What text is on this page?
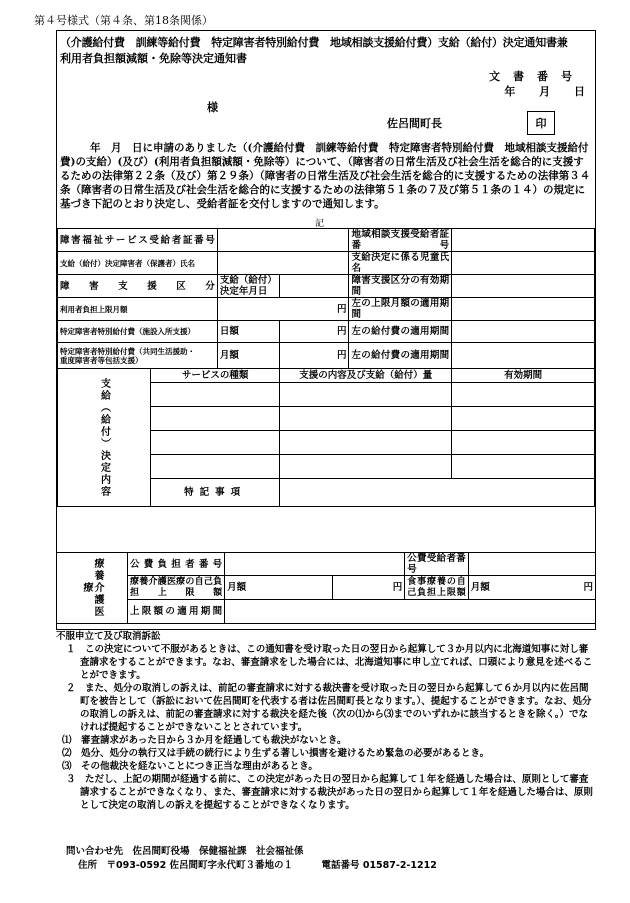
第４号様式（第４条、第18条関係）
（介護給付費　訓練等給付費　特定障害者特別給付費　地域相談支援給付費）支給（給付）決定通知書兼
利用者負担額減額・免除等決定通知書
文書番号
年 月 日
様
佐呂間町長	印

年　月　日に申請のありました（(介護給付費　訓練等給付費　特定障害者特別給付費　地域相談支援給付費)の支給）(及び）(利用者負担額減額・免除等）について、（障害者の日常生活及び社会生活を総合的に支援するための法律第２２条（及び）第２９条）（障害者の日常生活及び社会生活を総合的に支援するための法律第３４条（障害者の日常生活及び社会生活を総合的に支援するための法律第５１条の７及び第５１条の１４）の規定に基づき下記のとおり決定し、受給者証を交付しますので通知します。

記
障害福祉サービス受給者証番号				地域相談支援受給者証番号	
支給（給付）決定障害者（保護者）氏名				支給決定に係る児童氏名	
障害支援区分		支給（給付）決定年月日		障害支援区分の有効期間	
利用者負担上限月額		円		左の上限月額の適用期間	
特定障害者特別給付費（施設入所支援）		日額	円	左の給付費の適用期間	
特定障害者特別給付費（共同生活援助・
重度障害者等包括支援）		月額	円	左の給付費の適用期間	
支給（給付）決定内容	サービスの種類		支援の内容及び支給（給付）量		有効期間

	特記事項				
療養介護医療	公費負担者番号			公費受給者番号	
	療養介護医療の自己負担上限額	月額	円	食事療養の自己負担上限額	月額 円

	上限額の適用期間				

不服申立て及び取消訴訟

１　この決定について不服があるときは、この通知書を受け取った日の翌日から起算して３か月以内に北海道知事に対し審査請求をすることができます。なお、審査請求をした場合には、北海道知事に申し立てれば、口頭により意見を述べることができます。

２　また、処分の取消しの訴えは、前記の審査請求に対する裁決書を受け取った日の翌日から起算して６か月以内に佐呂間町を被告として（訴訟において佐呂間町を代表する者は佐呂間町長となります。）、提起することができます。なお、処分の取消しの訴えは、前記の審査請求に対する裁決を経た後（次の⑴から⑶までのいずれかに該当するときを除く。）でなければ提起することができないこととされています。

⑴　審査請求があった日から３か月を経過しても裁決がないとき。

⑵　処分、処分の執行又は手続の続行により生ずる著しい損害を避けるため緊急の必要があるとき。

⑶　その他裁決を経ないことにつき正当な理由があるとき。

３　ただし、上記の期間が経過する前に、この決定があった日の翌日から起算して１年を経過した場合は、原則として審査請求することができなくなり、また、審査請求に対する裁決があった日の翌日から起算して１年を経過した場合は、原則として決定の取消しの訴えを提起することができなくなります。

問い合わせ先　佐呂間町役場　保健福祉課　社会福祉係
住所　〒093-0592 佐呂間町字永代町３番地の１　　　電話番号 01587-2-1212
